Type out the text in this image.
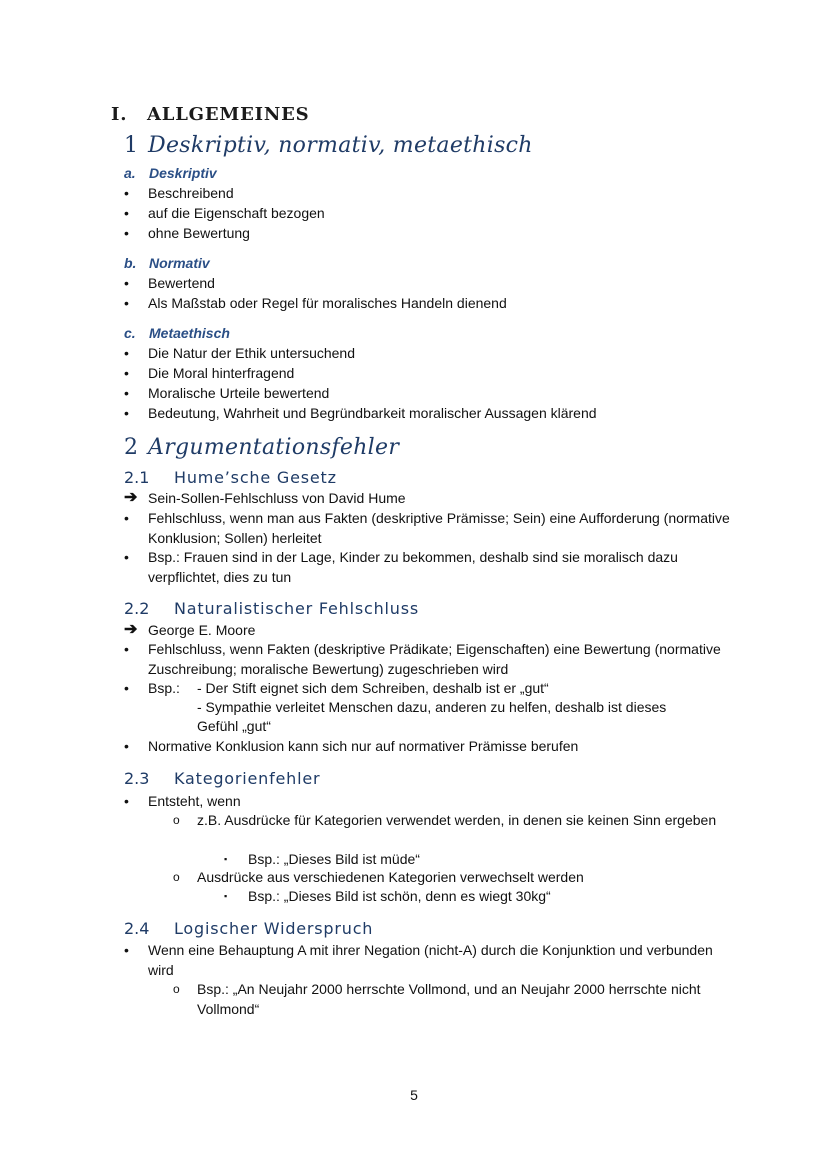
I. ALLGEMEINES
1 Deskriptiv, normativ, metaethisch
a. Deskriptiv

•	Beschreibend

•	auf die Eigenschaft bezogen

•	ohne Bewertung

b. Normativ

•	Bewertend

•	Als Maßstab oder Regel für moralisches Handeln dienend

c. Metaethisch

•	Die Natur der Ethik untersuchend

•	Die Moral hinterfragend

•	Moralische Urteile bewertend

•	Bedeutung, Wahrheit und Begründbarkeit moralischer Aussagen klärend

2 Argumentationsfehler
2.1 Hume’sche Gesetz

➔ Sein-Sollen-Fehlschluss von David Hume

•	Fehlschluss, wenn man aus Fakten (deskriptive Prämisse; Sein) eine Aufforderung (normative Konklusion; Sollen) herleitet

•	Bsp.: Frauen sind in der Lage, Kinder zu bekommen, deshalb sind sie moralisch dazu verpflichtet, dies zu tun

2.2 Naturalistischer Fehlschluss

➔ George E. Moore

•	Fehlschluss, wenn Fakten (deskriptive Prädikate; Eigenschaften) eine Bewertung (normative Zuschreibung; moralische Bewertung) zugeschrieben wird

•	Bsp.:	- Der Stift eignet sich dem Schreiben, deshalb ist er „gut“

- Sympathie verleitet Menschen dazu, anderen zu helfen, deshalb ist dieses

Gefühl „gut“

•	Normative Konklusion kann sich nur auf normativer Prämisse berufen

2.3 Kategorienfehler

•	Entsteht, wenn

o	z.B. Ausdrücke für Kategorien verwendet werden, in denen sie keinen Sinn ergeben

▪	Bsp.: „Dieses Bild ist müde“

o	Ausdrücke aus verschiedenen Kategorien verwechselt werden

▪	Bsp.: „Dieses Bild ist schön, denn es wiegt 30kg“

2.4 Logischer Widerspruch

•	Wenn eine Behauptung A mit ihrer Negation (nicht-A) durch die Konjunktion und verbunden wird

o	Bsp.: „An Neujahr 2000 herrschte Vollmond, und an Neujahr 2000 herrschte nicht Vollmond“

5
